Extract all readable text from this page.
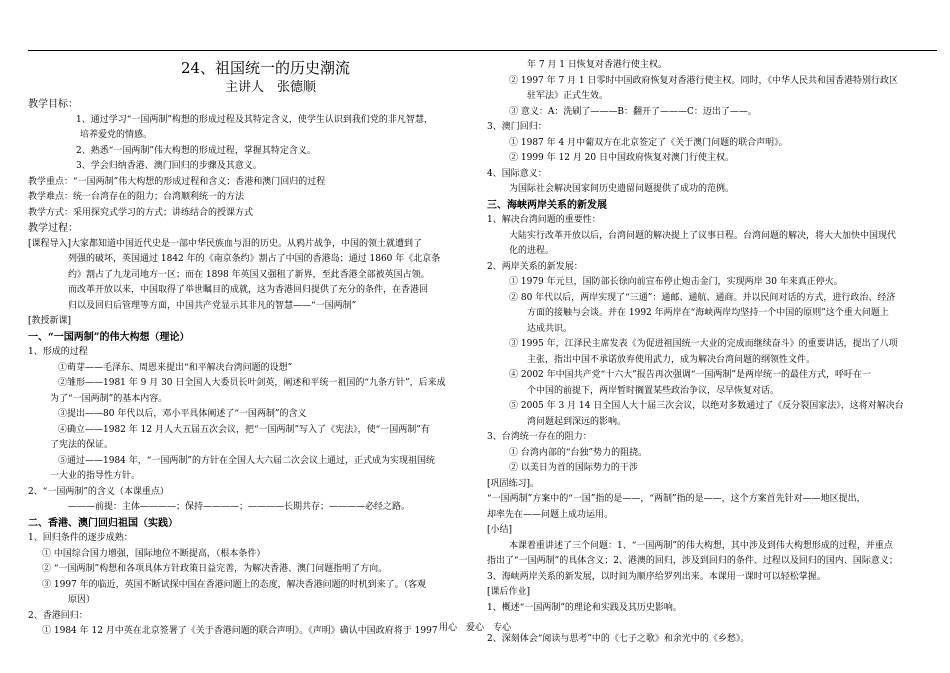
24、祖国统一的历史潮流
主讲人　张德顺
教学目标：
1、通过学习“一国两制”构想的形成过程及其特定含义，使学生认识到我们党的非凡智慧，
培养爱党的情感。
2、熟悉“一国两制”伟大构想的形成过程，掌握其特定含义。
3、学会归纳香港、澳门回归的步骤及其意义。
教学重点：“一国两制”伟大构想的形成过程和含义；香港和澳门回归的过程
教学难点：统一台湾存在的阻力；台湾顺利统一的方法
教学方式：采用探究式学习的方式；讲练结合的授课方式
教学过程：
[课程导入]大家都知道中国近代史是一部中华民族血与泪的历史。从鸦片战争，中国的领土就遭到了
列强的破坏，英国通过 1842 年的《南京条约》割占了中国的香港岛；通过 1860 年《北京条
约》割占了九龙司地方一区；而在 1898 年英国又强租了新界，至此香港全部被英国占领。
而改革开放以来，中国取得了举世瞩目的成就，这为香港回归提供了充分的条件，在香港回
归以及回归后管理等方面，中国共产党显示其非凡的智慧——“一国两制”
[教授新课]
一、“一国两制”的伟大构想（理论）
1、形成的过程
①萌芽——毛泽东、周恩来提出“和平解决台湾问题的设想”
②雏形——1981 年 9 月 30 日全国人大委员长叶剑英，阐述和平统一祖国的“九条方针”，后来成
为了“一国两制”的基本内容。
③提出——80 年代以后，邓小平具体阐述了“一国两制”的含义
④确立——1982 年 12 月人大五届五次会议，把“一国两制”写入了《宪法》，使“一国两制”有
了宪法的保证。
⑤通过——1984 年，“一国两制”的方针在全国人大六届二次会议上通过，正式成为实现祖国统
一大业的指导性方针。
2、“一国两制”的含义（本课重点）
———前提：主体————；保持————；————长期共存；————必经之路。
二、香港、澳门回归祖国（实践）
1、回归条件的逐步成熟：
① 中国综合国力增强，国际地位不断提高，（根本条件）
② “一国两制”构想和各项具体方针政策日益完善，为解决香港、澳门问题指明了方向。
③ 1997 年的临近，英国不断试探中国在香港问题上的态度，解决香港问题的时机到来了。（客观
原因）
2、香港回归：
① 1984 年 12 月中英在北京签署了《关于香港问题的联合声明》。《声明》确认中国政府将于 1997
年 7 月 1 日恢复对香港行使主权。
② 1997 年 7 月 1 日零时中国政府恢复对香港行使主权。同时，《中华人民共和国香港特别行政区
驻军法》正式生效。
③ 意义：A：洗刷了———B：翻开了———C：迈出了——。
3、澳门回归：
① 1987 年 4 月中葡双方在北京签定了《关于澳门问题的联合声明》。
② 1999 年 12 月 20 日中国政府恢复对澳门行使主权。
4、国际意义：
为国际社会解决国家间历史遗留问题提供了成功的范例。
三、海峡两岸关系的新发展
1、解决台湾问题的重要性：
大陆实行改革开放以后，台湾问题的解决提上了议事日程。台湾问题的解决，将大大加快中国现代
化的进程。
2、两岸关系的新发展：
① 1979 年元旦，国防部长徐向前宣布停止炮击金门，实现两岸 30 年来真正停火。
② 80 年代以后，两岸实现了“三通”：通邮、通航、通商。并以民间对话的方式，进行政治、经济
方面的接触与会谈。并在 1992 年两岸在“海峡两岸均坚持一个中国的原则”这个重大问题上
达成共识。
③ 1995 年，江泽民主席发表《为促进祖国统一大业的完成而继续奋斗》的重要讲话，提出了八项
主张，指出中国不承诺放弃使用武力，成为解决台湾问题的纲领性文件。
④ 2002 年中国共产党“十六大”报告再次强调“一国两制”是两岸统一的最佳方式，呼吁在一
个中国的前提下，两岸暂时搁置某些政治争议，尽早恢复对话。
⑤ 2005 年 3 月 14 日全国人大十届三次会议，以绝对多数通过了《反分裂国家法》，这将对解决台
湾问题起到深远的影响。
3、台湾统一存在的阻力：
① 台湾内部的“台独”势力的阻挠。
② 以美日为首的国际势力的干涉
[巩固练习]。
“一国两制”方案中的“一国”指的是——，“两制”指的是——，这个方案首先针对——地区提出，
却率先在——问题上成功运用。
[小结]
本课着重讲述了三个问题：1、“一国两制”的伟大构想，其中涉及到伟大构想形成的过程，并重点
指出了“一国两制”的具体含义；2、港澳的回归，涉及到回归的条件、过程以及回归的国内、国际意义；
3、海峡两岸关系的新发展，以时间为顺序给罗列出来。本课用一课时可以轻松掌握。
[课后作业]
1、概述“一国两制”的理论和实践及其历史影响。

2、深刻体会“阅读与思考”中的《七子之歌》和余光中的《乡愁》。
用心　爱心　专心
